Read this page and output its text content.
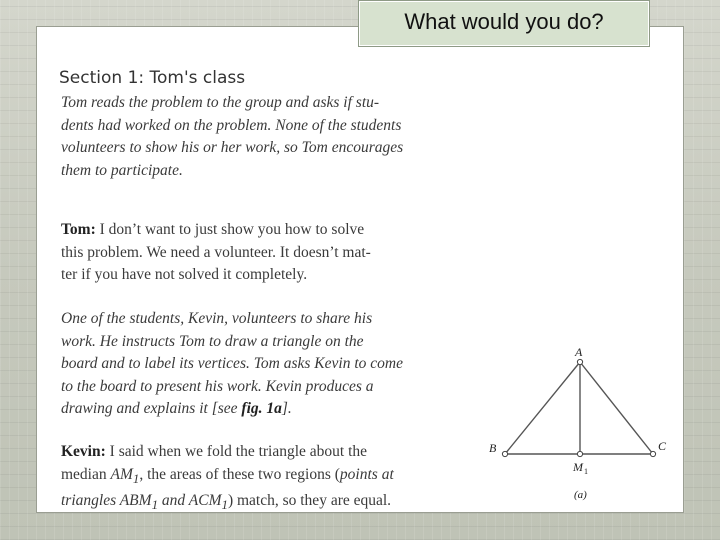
What would you do?
Section 1: Tom's class
Tom reads the problem to the group and asks if stu-
dents had worked on the problem. None of the students
volunteers to show his or her work, so Tom encourages
them to participate.
Tom: I don’t want to just show you how to solve
this problem. We need a volunteer. It doesn’t mat-
ter if you have not solved it completely.
One of the students, Kevin, volunteers to share his
work. He instructs Tom to draw a triangle on the
board and to label its vertices. Tom asks Kevin to come
to the board to present his work. Kevin produces a
drawing and explains it [see fig. 1a].
Kevin: I said when we fold the triangle about the
median $AM_1$, the areas of these two regions (points at
triangles $ABM_1$ and $ACM_1$) match, so they are equal.
A
B	C
M 1
(a)
